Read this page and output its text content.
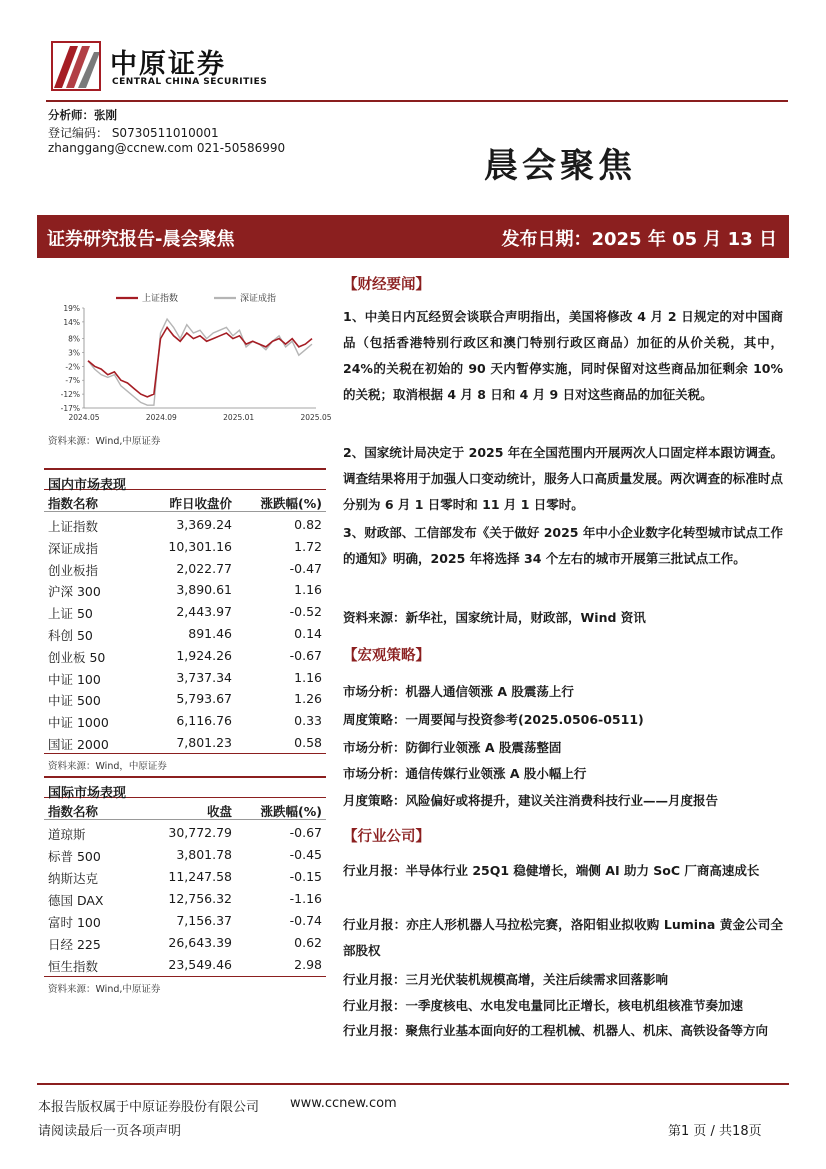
中原证券
CENTRAL CHINA SECURITIES
分析师：张刚
登记编码： S0730511010001
zhanggang@ccnew.com 021-50586990	晨会聚焦
证券研究报告-晨会聚焦	发布日期：2025 年 05 月 13 日
19%
14%
8%
3%
-2%
-7%
-12%
-17%
2024.05	2024.09	2025.01	2025.05
上证指数	深证成指
资料来源：Wind,中原证券
国内市场表现
指数名称	昨日收盘价 涨跌幅(%)
上证指数	3,369.24	0.82
深证成指	10,301.16	1.72
创业板指	2,022.77	-0.47
沪深 300	3,890.61	1.16
上证 50	2,443.97	-0.52
科创 50	891.46	0.14
创业板 50	1,924.26	-0.67
中证 100	3,737.34	1.16
中证 500	5,793.67	1.26
中证 1000	6,116.76	0.33
国证 2000	7,801.23	0.58
资料来源：Wind，中原证券
国际市场表现
指数名称	收盘 涨跌幅(%)
道琼斯	30,772.79	-0.67
标普 500	3,801.78	-0.45
纳斯达克	11,247.58	-0.15
德国 DAX	12,756.32	-1.16
富时 100	7,156.37	-0.74
日经 225	26,643.39	0.62
恒生指数	23,549.46	2.98
资料来源：Wind,中原证券
【财经要闻】
1、中美日内瓦经贸会谈联合声明指出，美国将修改 4 月 2 日规定的对中国商品（包括香港特别行政区和澳门特别行政区商品）加征的从价关税，其中，24%的关税在初始的 90 天内暂停实施，同时保留对这些商品加征剩余 10%的关税；取消根据 4 月 8 日和 4 月 9 日对这些商品的加征关税。
2、国家统计局决定于 2025 年在全国范围内开展两次人口固定样本跟访调查。调查结果将用于加强人口变动统计，服务人口高质量发展。两次调查的标准时点分别为 6 月 1 日零时和 11 月 1 日零时。
3、财政部、工信部发布《关于做好 2025 年中小企业数字化转型城市试点工作的通知》明确，2025 年将选择 34 个左右的城市开展第三批试点工作。
资料来源：新华社，国家统计局，财政部，Wind 资讯
【宏观策略】
市场分析：机器人通信领涨 A 股震荡上行
周度策略：一周要闻与投资参考(2025.0506-0511)
市场分析：防御行业领涨 A 股震荡整固
市场分析：通信传媒行业领涨 A 股小幅上行
月度策略：风险偏好或将提升，建议关注消费科技行业——月度报告
【行业公司】
行业月报：半导体行业 25Q1 稳健增长，端侧 AI 助力 SoC 厂商高速成长
行业月报：亦庄人形机器人马拉松完赛，洛阳钼业拟收购 Lumina 黄金公司全部股权
行业月报：三月光伏装机规模高增，关注后续需求回落影响
行业月报：一季度核电、水电发电量同比正增长，核电机组核准节奏加速
行业月报：聚焦行业基本面向好的工程机械、机器人、机床、高铁设备等方向
本报告版权属于中原证券股份有限公司 www.ccnew.com
请阅读最后一页各项声明	第1 页 / 共18页
